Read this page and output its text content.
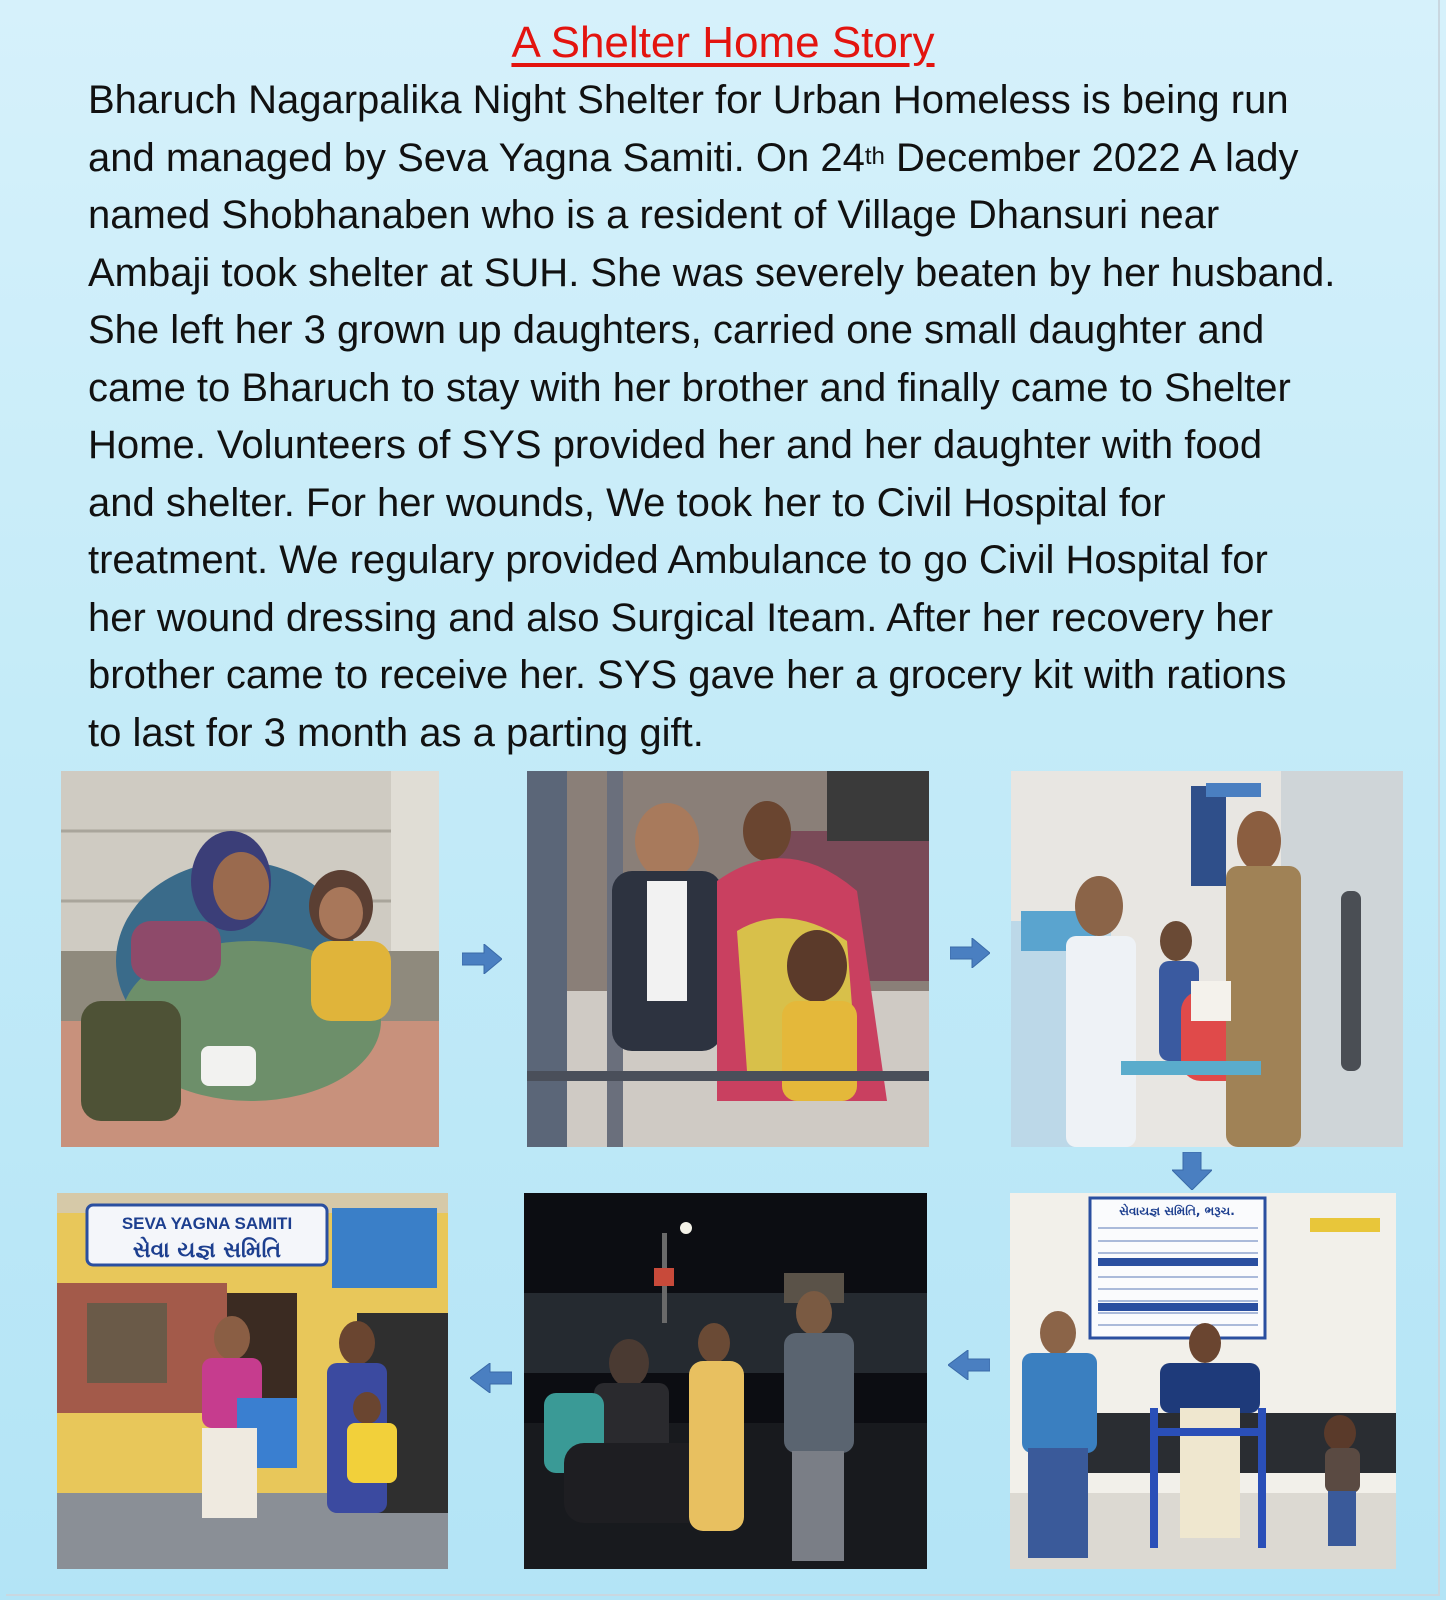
A Shelter Home Story

Bharuch Nagarpalika Night Shelter for Urban Homeless is being run

and managed by Seva Yagna Samiti. On 24th December 2022 A lady

named Shobhanaben who is a resident of Village Dhansuri near

Ambaji took shelter at SUH. She was severely beaten by her husband.

She left her 3 grown up daughters, carried one small daughter and

came to Bharuch to stay with her brother and finally came to Shelter

Home. Volunteers of SYS provided her and her daughter with food

and shelter. For her wounds, We took her to Civil Hospital for

treatment. We regulary provided Ambulance to go Civil Hospital for

her wound dressing and also Surgical Iteam. After her recovery her

brother came to receive her. SYS gave her a grocery kit with rations

to last for 3 month as a parting gift.

SEVA YAGNA SAMITI
સેવા યજ્ઞ સમિતિ
સેવાયજ્ઞ સમિતિ, ભરૂચ.
